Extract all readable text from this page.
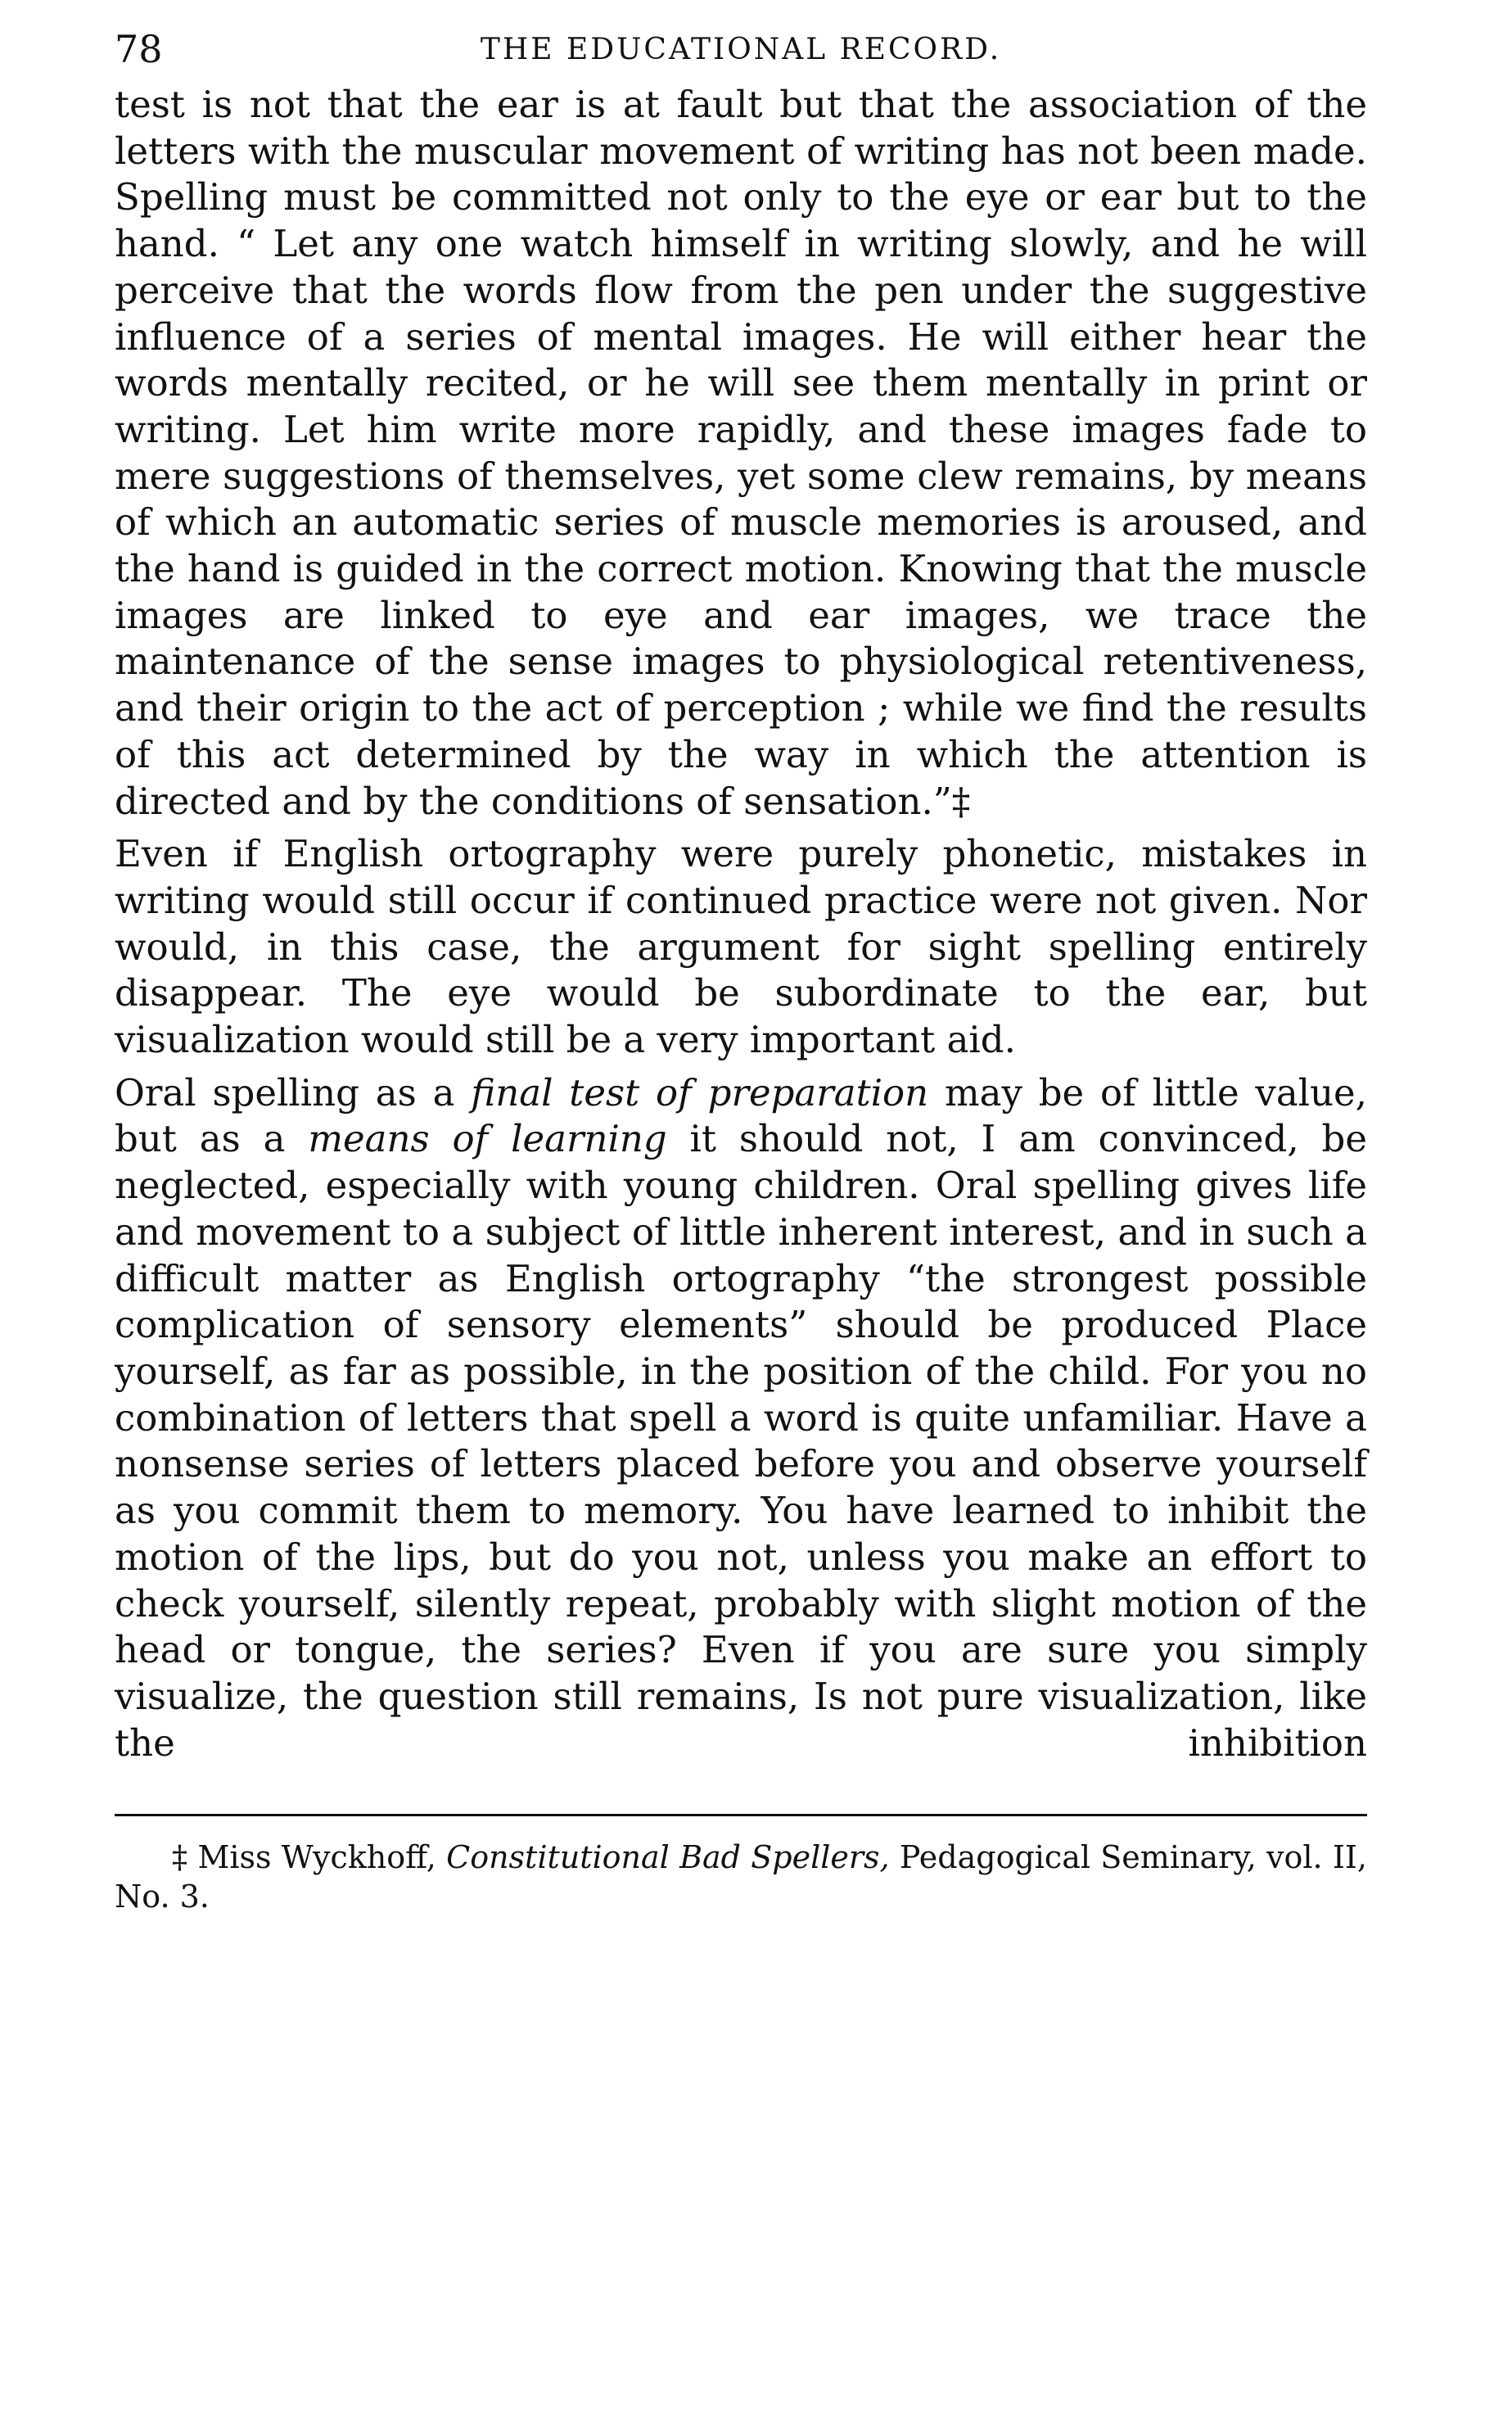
78	THE EDUCATIONAL RECORD.

test is not that the ear is at fault but that the association of the letters with the muscular movement of writing has not been made. Spelling must be committed not only to the eye or ear but to the hand. “ Let any one watch himself in writing slowly, and he will perceive that the words flow from the pen under the suggestive influence of a series of mental images. He will either hear the words mentally recited, or he will see them mentally in print or writing. Let him write more rapidly, and these images fade to mere suggestions of themselves, yet some clew remains, by means of which an automatic series of muscle memories is aroused, and the hand is guided in the correct motion. Knowing that the muscle images are linked to eye and ear images, we trace the maintenance of the sense images to physiological retentiveness, and their origin to the act of perception ; while we find the results of this act determined by the way in which the attention is directed and by the conditions of sensation.”‡

Even if English ortography were purely phonetic, mistakes in writing would still occur if continued practice were not given. Nor would, in this case, the argument for sight spelling entirely disappear. The eye would be subordinate to the ear, but visualization would still be a very important aid.

Oral spelling as a final test of preparation may be of little value, but as a means of learning it should not, I am convinced, be neglected, especially with young children. Oral spelling gives life and movement to a subject of little inherent interest, and in such a difficult matter as English ortography “the strongest possible complication of sensory elements” should be produced Place yourself, as far as possible, in the position of the child. For you no combination of letters that spell a word is quite unfamiliar. Have a nonsense series of letters placed before you and observe yourself as you commit them to memory. You have learned to inhibit the motion of the lips, but do you not, unless you make an effort to check yourself, silently repeat, probably with slight motion of the head or tongue, the series? Even if you are sure you simply visualize, the question still remains, Is not pure visualization, like the inhibition

‡ Miss Wyckhoff, Constitutional Bad Spellers, Pedagogical Seminary, vol. II, No. 3.
